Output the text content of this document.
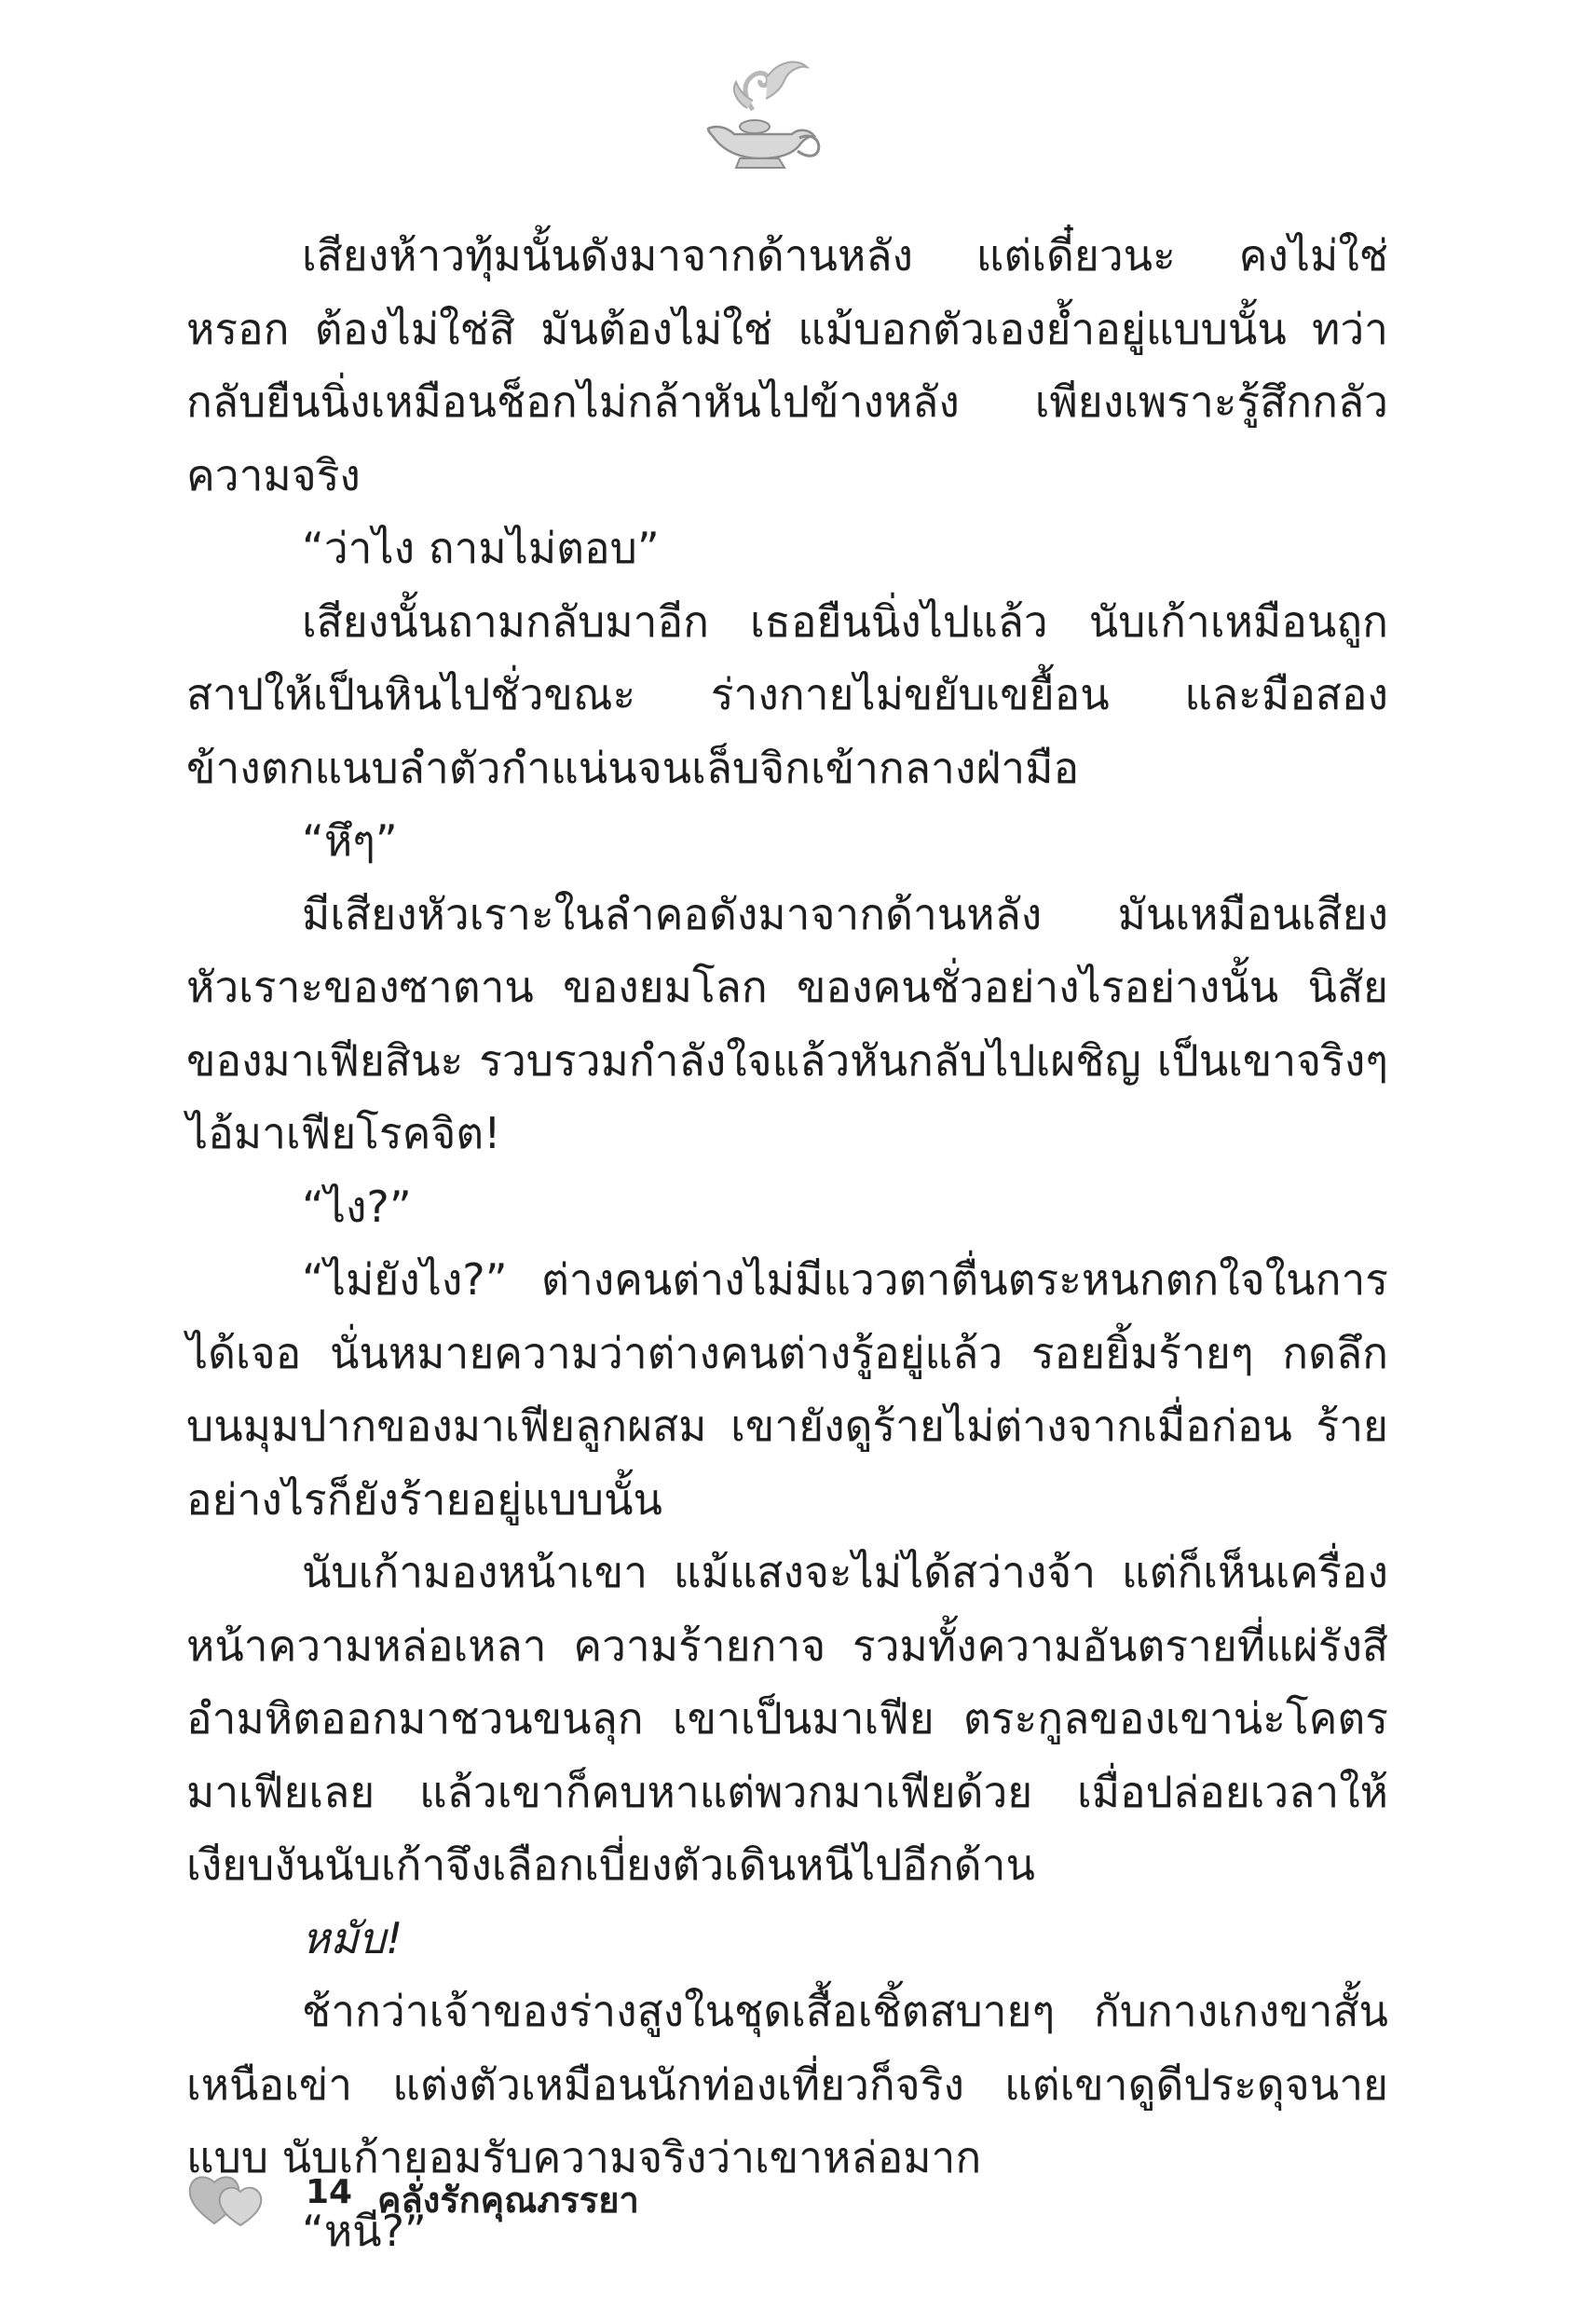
เสียงห้าวทุ้มนั้นดังมาจากด้านหลัง แต่เดี๋ยวนะ คงไม่ใช่หรอก ต้องไม่ใช่สิ มันต้องไม่ใช่ แม้บอกตัวเองย้ำอยู่แบบนั้น ทว่ากลับยืนนิ่งเหมือนช็อกไม่กล้าหันไปข้างหลัง เพียงเพราะรู้สึกกลัวความจริง

“ว่าไง ถามไม่ตอบ”

เสียงนั้นถามกลับมาอีก เธอยืนนิ่งไปแล้ว นับเก้าเหมือนถูกสาปให้เป็นหินไปชั่วขณะ ร่างกายไม่ขยับเขยื้อน และมือสองข้างตกแนบลำตัวกำแน่นจนเล็บจิกเข้ากลางฝ่ามือ

“หึๆ”

มีเสียงหัวเราะในลำคอดังมาจากด้านหลัง มันเหมือนเสียงหัวเราะของซาตาน ของยมโลก ของคนชั่วอย่างไรอย่างนั้น นิสัยของมาเฟียสินะ รวบรวมกำลังใจแล้วหันกลับไปเผชิญ เป็นเขาจริงๆ ไอ้มาเฟียโรคจิต!

“ไง?”

“ไม่ยังไง?” ต่างคนต่างไม่มีแววตาตื่นตระหนกตกใจในการได้เจอ นั่นหมายความว่าต่างคนต่างรู้อยู่แล้ว รอยยิ้มร้ายๆ กดลึกบนมุมปากของมาเฟียลูกผสม เขายังดูร้ายไม่ต่างจากเมื่อก่อน ร้ายอย่างไรก็ยังร้ายอยู่แบบนั้น

นับเก้ามองหน้าเขา แม้แสงจะไม่ได้สว่างจ้า แต่ก็เห็นเครื่องหน้าความหล่อเหลา ความร้ายกาจ รวมทั้งความอันตรายที่แผ่รังสีอำมหิตออกมาชวนขนลุก เขาเป็นมาเฟีย ตระกูลของเขาน่ะโคตรมาเฟียเลย แล้วเขาก็คบหาแต่พวกมาเฟียด้วย เมื่อปล่อยเวลาให้เงียบงันนับเก้าจึงเลือกเบี่ยงตัวเดินหนีไปอีกด้าน

หมับ!

ช้ากว่าเจ้าของร่างสูงในชุดเสื้อเชิ้ตสบายๆ กับกางเกงขาสั้นเหนือเข่า แต่งตัวเหมือนนักท่องเที่ยวก็จริง แต่เขาดูดีประดุจนายแบบ นับเก้ายอมรับความจริงว่าเขาหล่อมาก

“หนี?”

14 คลั่งรักคุณภรรยา
